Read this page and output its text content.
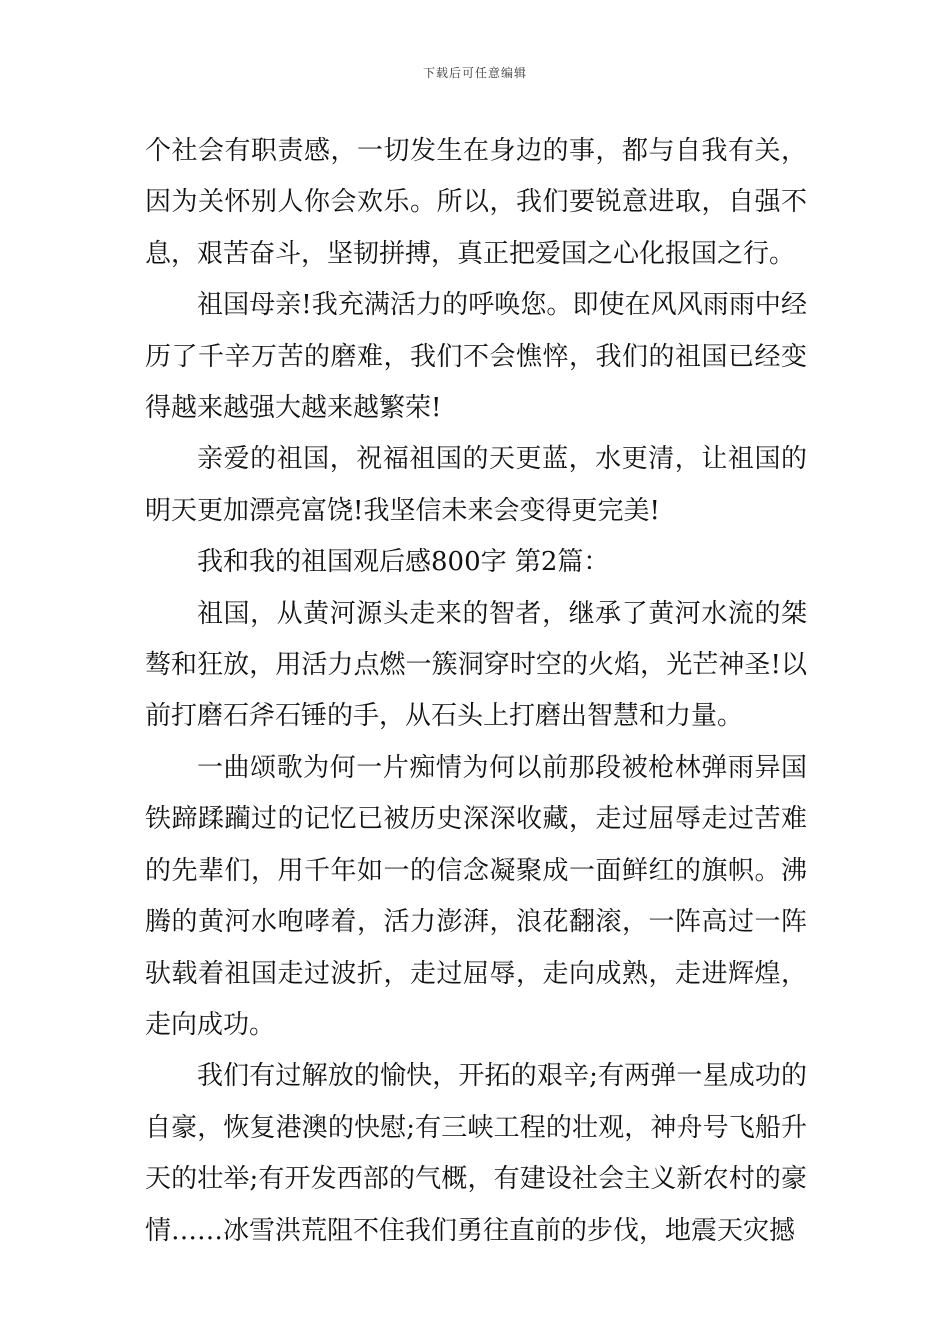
下载后可任意编辑

个社会有职责感，一切发生在身边的事，都与自我有关，因为关怀别人你会欢乐。所以，我们要锐意进取，自强不息，艰苦奋斗，坚韧拼搏，真正把爱国之心化报国之行。

祖国母亲!我充满活力的呼唤您。即使在风风雨雨中经历了千辛万苦的磨难，我们不会憔悴，我们的祖国已经变得越来越强大越来越繁荣!

亲爱的祖国，祝福祖国的天更蓝，水更清，让祖国的明天更加漂亮富饶!我坚信未来会变得更完美!

我和我的祖国观后感800字 第2篇：

祖国，从黄河源头走来的智者，继承了黄河水流的桀骜和狂放，用活力点燃一簇洞穿时空的火焰，光芒神圣!以前打磨石斧石锤的手，从石头上打磨出智慧和力量。

一曲颂歌为何一片痴情为何以前那段被枪林弹雨异国铁蹄蹂躏过的记忆已被历史深深收藏，走过屈辱走过苦难的先辈们，用千年如一的信念凝聚成一面鲜红的旗帜。沸腾的黄河水咆哮着，活力澎湃，浪花翻滚，一阵高过一阵驮载着祖国走过波折，走过屈辱，走向成熟，走进辉煌，走向成功。

我们有过解放的愉快，开拓的艰辛;有两弹一星成功的自豪，恢复港澳的快慰;有三峡工程的壮观，神舟号飞船升天的壮举;有开发西部的气概，有建设社会主义新农村的豪情……冰雪洪荒阻不住我们勇往直前的步伐，地震天灾撼
